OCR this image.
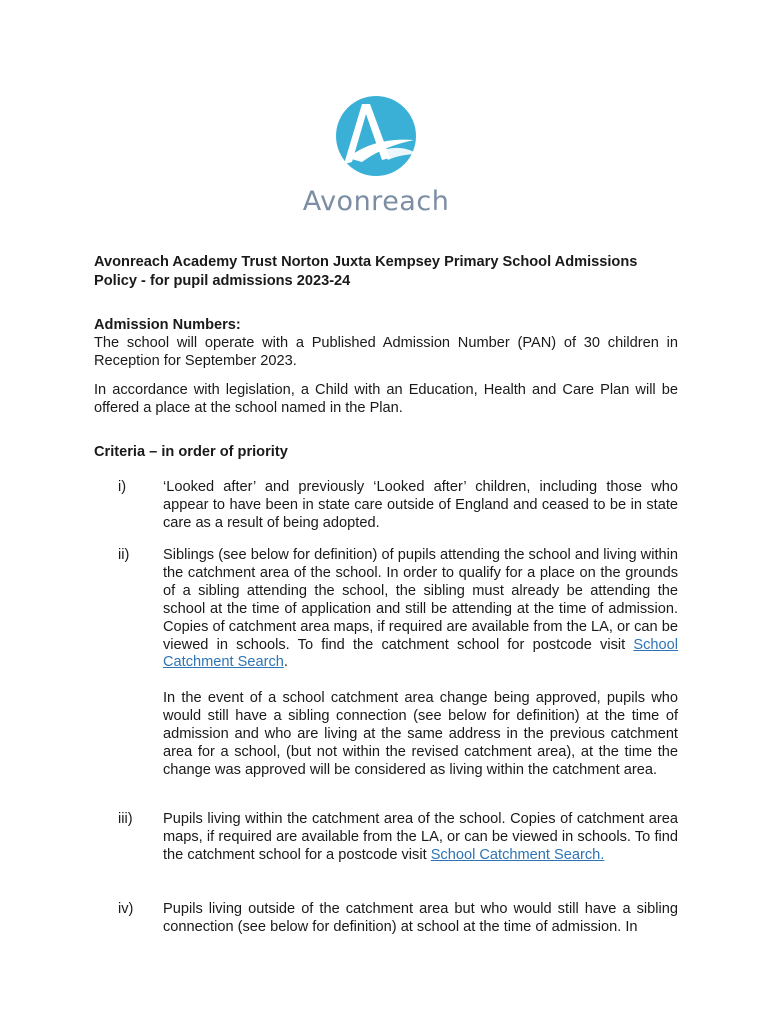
Avonreach
Avonreach Academy Trust Norton Juxta Kempsey Primary School Admissions Policy - for pupil admissions 2023-24
Admission Numbers:
The school will operate with a Published Admission Number (PAN) of 30 children in Reception for September 2023.
In accordance with legislation, a Child with an Education, Health and Care Plan will be offered a place at the school named in the Plan.
Criteria – in order of priority
i)	‘Looked after’ and previously ‘Looked after’ children, including those who appear to have been in state care outside of England and ceased to be in state care as a result of being adopted.

ii)	Siblings (see below for definition) of pupils attending the school and living within the catchment area of the school. In order to qualify for a place on the grounds of a sibling attending the school, the sibling must already be attending the school at the time of application and still be attending at the time of admission. Copies of catchment area maps, if required are available from the LA, or can be viewed in schools. To find the catchment school for postcode visit School Catchment Search.

In the event of a school catchment area change being approved, pupils who would still have a sibling connection (see below for definition) at the time of admission and who are living at the same address in the previous catchment area for a school, (but not within the revised catchment area), at the time the change was approved will be considered as living within the catchment area.

iii)	Pupils living within the catchment area of the school. Copies of catchment area maps, if required are available from the LA, or can be viewed in schools. To find the catchment school for a postcode visit School Catchment Search.

iv)	Pupils living outside of the catchment area but who would still have a sibling connection (see below for definition) at school at the time of admission. In
